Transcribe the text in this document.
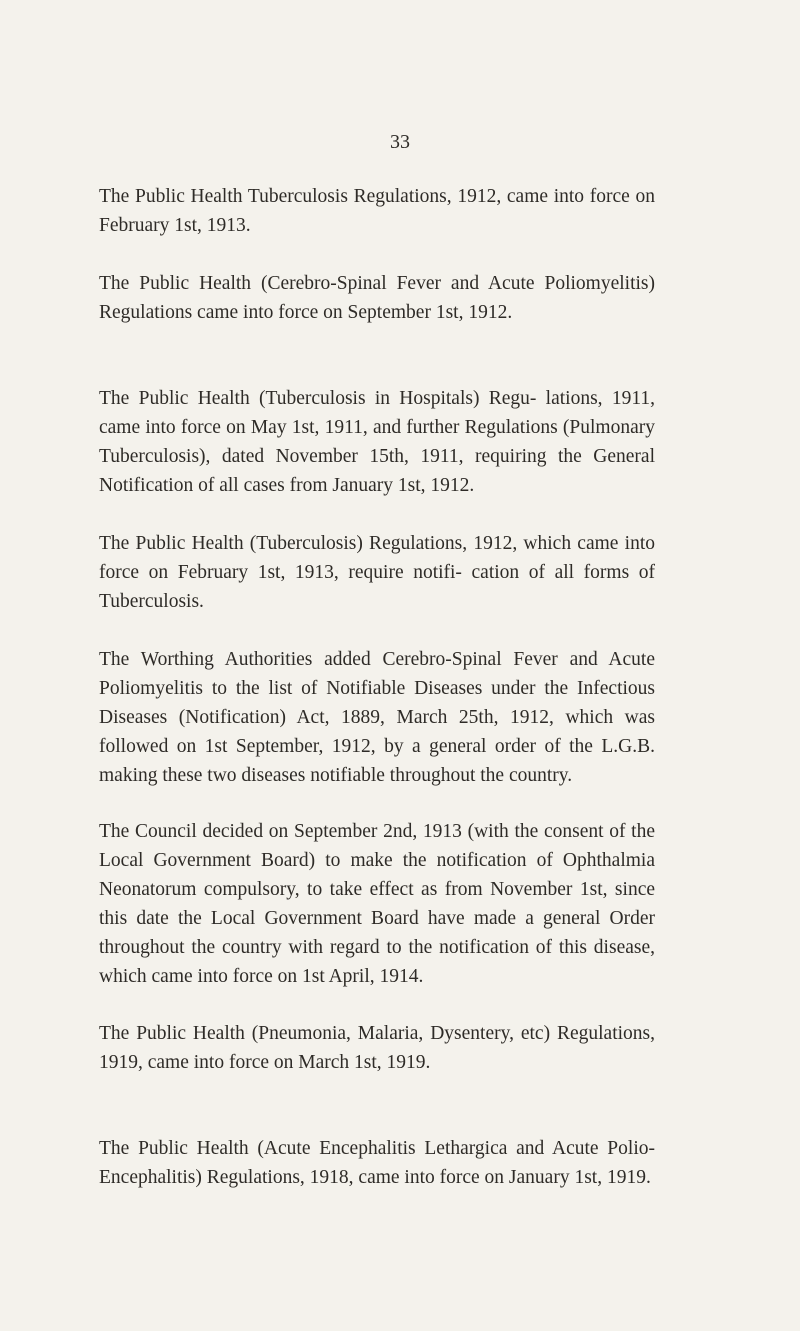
33

The Public Health Tuberculosis Regulations, 1912, came into force on February 1st, 1913.

The Public Health (Cerebro-Spinal Fever and Acute Poliomyelitis) Regulations came into force on September 1st, 1912.

The Public Health (Tuberculosis in Hospitals) Regu- lations, 1911, came into force on May 1st, 1911, and further Regulations (Pulmonary Tuberculosis), dated November 15th, 1911, requiring the General Notification of all cases from January 1st, 1912.

The Public Health (Tuberculosis) Regulations, 1912, which came into force on February 1st, 1913, require notifi- cation of all forms of Tuberculosis.

The Worthing Authorities added Cerebro-Spinal Fever and Acute Poliomyelitis to the list of Notifiable Diseases under the Infectious Diseases (Notification) Act, 1889, March 25th, 1912, which was followed on 1st September, 1912, by a general order of the L.G.B. making these two diseases notifiable throughout the country.

The Council decided on September 2nd, 1913 (with the consent of the Local Government Board) to make the notification of Ophthalmia Neonatorum compulsory, to take effect as from November 1st, since this date the Local Government Board have made a general Order throughout the country with regard to the notification of this disease, which came into force on 1st April, 1914.

The Public Health (Pneumonia, Malaria, Dysentery, etc) Regulations, 1919, came into force on March 1st, 1919.

The Public Health (Acute Encephalitis Lethargica and Acute Polio-Encephalitis) Regulations, 1918, came into force on January 1st, 1919.
